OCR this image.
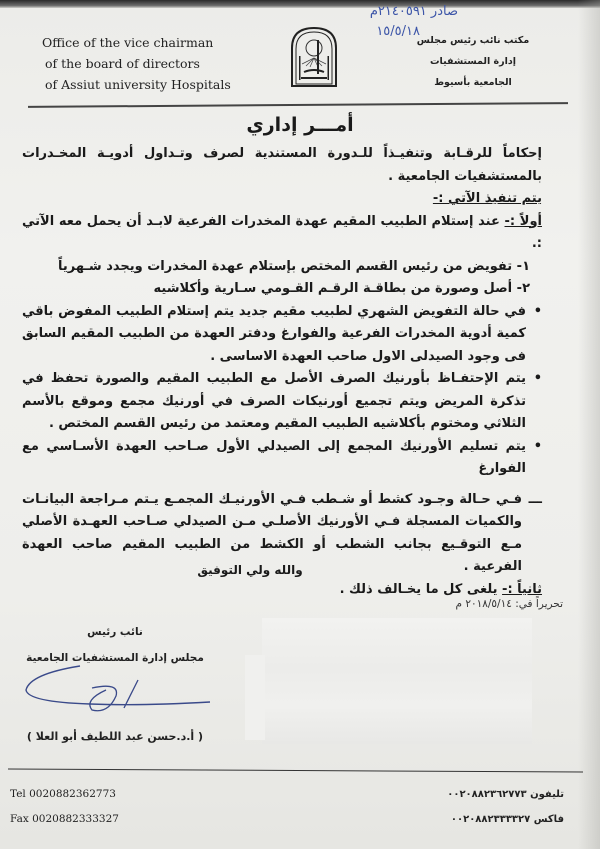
Office of the vice chairman
of the board of directors
of Assiut university Hospitals
صادر ٢١٤٠٥٩١م
١٥/٥/١٨
مكتب نائب رئيس مجلس
إدارة المستشفيات
الجامعية بأسيوط
أمـــر إداري

إحكاماً للرقـابة وتنفيـذاً للـدورة المستندية لصرف وتـداول أدويـة المخـدرات بالمستشفيات الجامعية .

يتم تنفيذ الآتي :-

أولاً :- عند إستلام الطبيب المقيم عهدة المخدرات الفرعية لابـد أن يحمل معه الآتي :.

١- تفويض من رئيس القسم المختص بإستلام عهدة المخدرات ويجدد شـهرياً

٢- أصل وصورة من بطاقـة الرقـم القـومي سـارية وأكلاشيه

• في حالة التفويض الشهري لطبيب مقيم جديد يتم إستلام الطبيب المفوض باقي كمية أدوية المخدرات الفرعية والفوارغ ودفتر العهدة من الطبيب المقيم السابق فى وجود الصيدلى الاول صاحب العهدة الاساسى .

• يتم الإحتفـاظ بأورنيك الصرف الأصل مع الطبيب المقيم والصورة تحفظ في تذكرة المريض ويتم تجميع أورنيكات الصرف في أورنيك مجمع وموقع بالأسم الثلاثي ومختوم بأكلاشيه الطبيب المقيم ومعتمد من رئيس القسم المختص .

• يتم تسليم الأورنيك المجمع إلى الصيدلي الأول صـاحب العهدة الأسـاسي مع الفوارغ

ـــ
فـي حـالة وجـود كشط أو شـطب فـي الأورنيـك المجمـع يـتم مـراجعة البيانـات والكميات المسجلة فـي الأورنيك الأصلـي مـن الصيدلي صـاحب العهـدة الأصلي مـع التوقـيع بجانب الشطب أو الكشط من الطبيب المقيم صاحب العهدة الفرعية .

ثانياً :- يلغى كل ما يخـالف ذلك .

والله ولي التوفيق
تحريراً في: ٢٠١٨/٥/١٤ م
نائب رئيس
مجلس إدارة المستشفيات الجامعية
( أ.د.حسن عبد اللطيف أبو العلا )
Tel 0020882362773
Fax 0020882333327
تليفون ٠٠٢٠٨٨٢٣٦٢٧٧٣
فاكس ٠٠٢٠٨٨٢٣٣٣٣٢٧
